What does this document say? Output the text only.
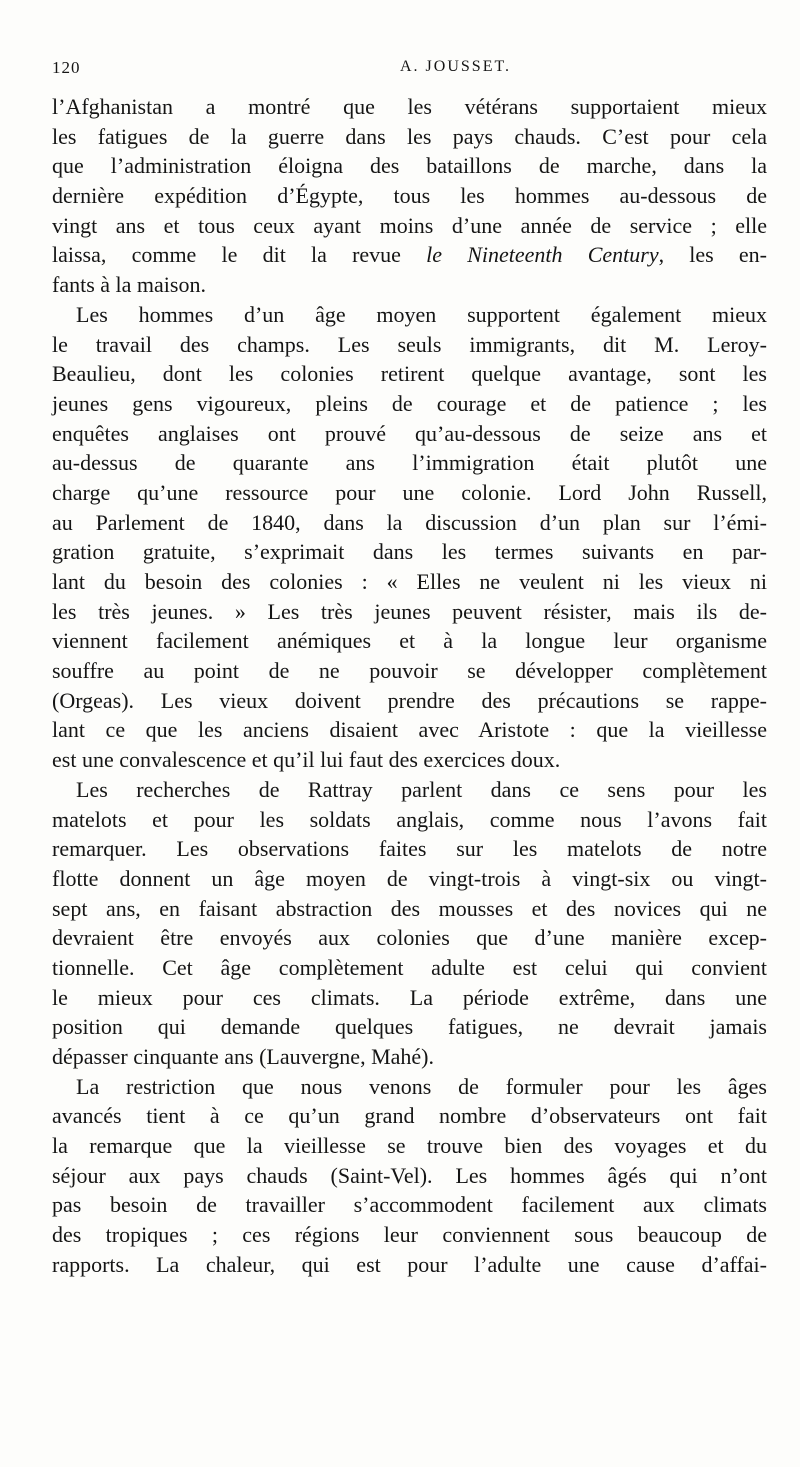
120	A. JOUSSET.
l’Afghanistan a montré que les vétérans supportaient mieux
les fatigues de la guerre dans les pays chauds. C’est pour cela
que l’administration éloigna des bataillons de marche, dans la
dernière expédition d’Égypte, tous les hommes au-dessous de
vingt ans et tous ceux ayant moins d’une année de service ; elle
laissa, comme le dit la revue le Nineteenth Century, les en-
fants à la maison.
Les hommes d’un âge moyen supportent également mieux
le travail des champs. Les seuls immigrants, dit M. Leroy-
Beaulieu, dont les colonies retirent quelque avantage, sont les
jeunes gens vigoureux, pleins de courage et de patience ; les
enquêtes anglaises ont prouvé qu’au-dessous de seize ans et
au-dessus de quarante ans l’immigration était plutôt une
charge qu’une ressource pour une colonie. Lord John Russell,
au Parlement de 1840, dans la discussion d’un plan sur l’émi-
gration gratuite, s’exprimait dans les termes suivants en par-
lant du besoin des colonies : « Elles ne veulent ni les vieux ni
les très jeunes. » Les très jeunes peuvent résister, mais ils de-
viennent facilement anémiques et à la longue leur organisme
souffre au point de ne pouvoir se développer complètement
(Orgeas). Les vieux doivent prendre des précautions se rappe-
lant ce que les anciens disaient avec Aristote : que la vieillesse
est une convalescence et qu’il lui faut des exercices doux.
Les recherches de Rattray parlent dans ce sens pour les
matelots et pour les soldats anglais, comme nous l’avons fait
remarquer. Les observations faites sur les matelots de notre
flotte donnent un âge moyen de vingt-trois à vingt-six ou vingt-
sept ans, en faisant abstraction des mousses et des novices qui ne
devraient être envoyés aux colonies que d’une manière excep-
tionnelle. Cet âge complètement adulte est celui qui convient
le mieux pour ces climats. La période extrême, dans une
position qui demande quelques fatigues, ne devrait jamais
dépasser cinquante ans (Lauvergne, Mahé).
La restriction que nous venons de formuler pour les âges
avancés tient à ce qu’un grand nombre d’observateurs ont fait
la remarque que la vieillesse se trouve bien des voyages et du
séjour aux pays chauds (Saint-Vel). Les hommes âgés qui n’ont
pas besoin de travailler s’accommodent facilement aux climats
des tropiques ; ces régions leur conviennent sous beaucoup de
rapports. La chaleur, qui est pour l’adulte une cause d’affai-
